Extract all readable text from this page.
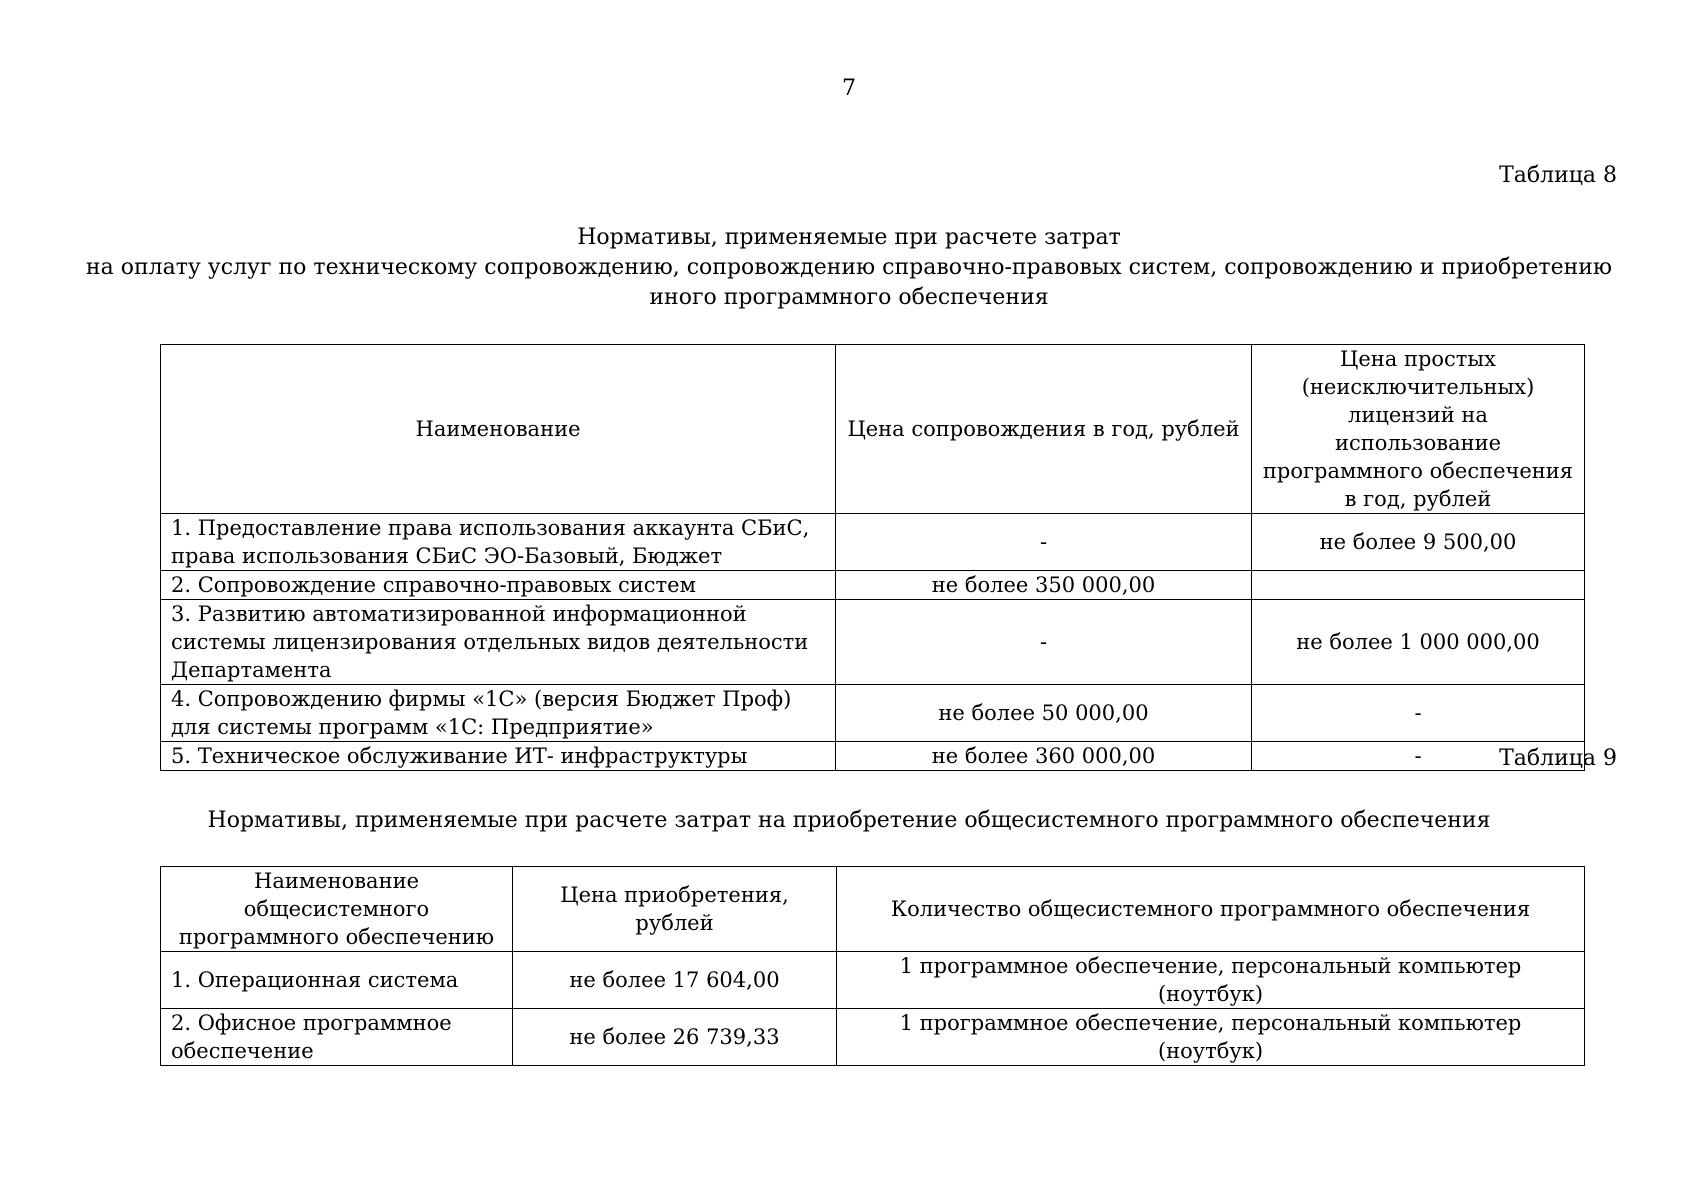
7
Таблица 8
Нормативы, применяемые при расчете затрат
на оплату услуг по техническому сопровождению, сопровождению справочно-правовых систем, сопровождению и приобретению
иного программного обеспечения
Наименование	Цена сопровождения в год, рублей	Цена простых (неисключительных) лицензий на использование программного обеспечения в год, рублей
1. Предоставление права использования аккаунта СБиС, права использования СБиС ЭО-Базовый, Бюджет	-	не более 9 500,00
2. Сопровождение справочно-правовых систем	не более 350 000,00	
3. Развитию автоматизированной информационной системы лицензирования отдельных видов деятельности Департамента	-	не более 1 000 000,00
4. Сопровождению фирмы «1С» (версия Бюджет Проф) для системы программ «1С: Предприятие»	не более 50 000,00	-
5. Техническое обслуживание ИТ- инфраструктуры	не более 360 000,00	-	Таблица 9
Нормативы, применяемые при расчете затрат на приобретение общесистемного программного обеспечения
Наименование общесистемного программного обеспечению	Цена приобретения, рублей	Количество общесистемного программного обеспечения
1. Операционная система	не более 17 604,00	1 программное обеспечение, персональный компьютер (ноутбук)
2. Офисное программное обеспечение	не более 26 739,33	1 программное обеспечение, персональный компьютер (ноутбук)
